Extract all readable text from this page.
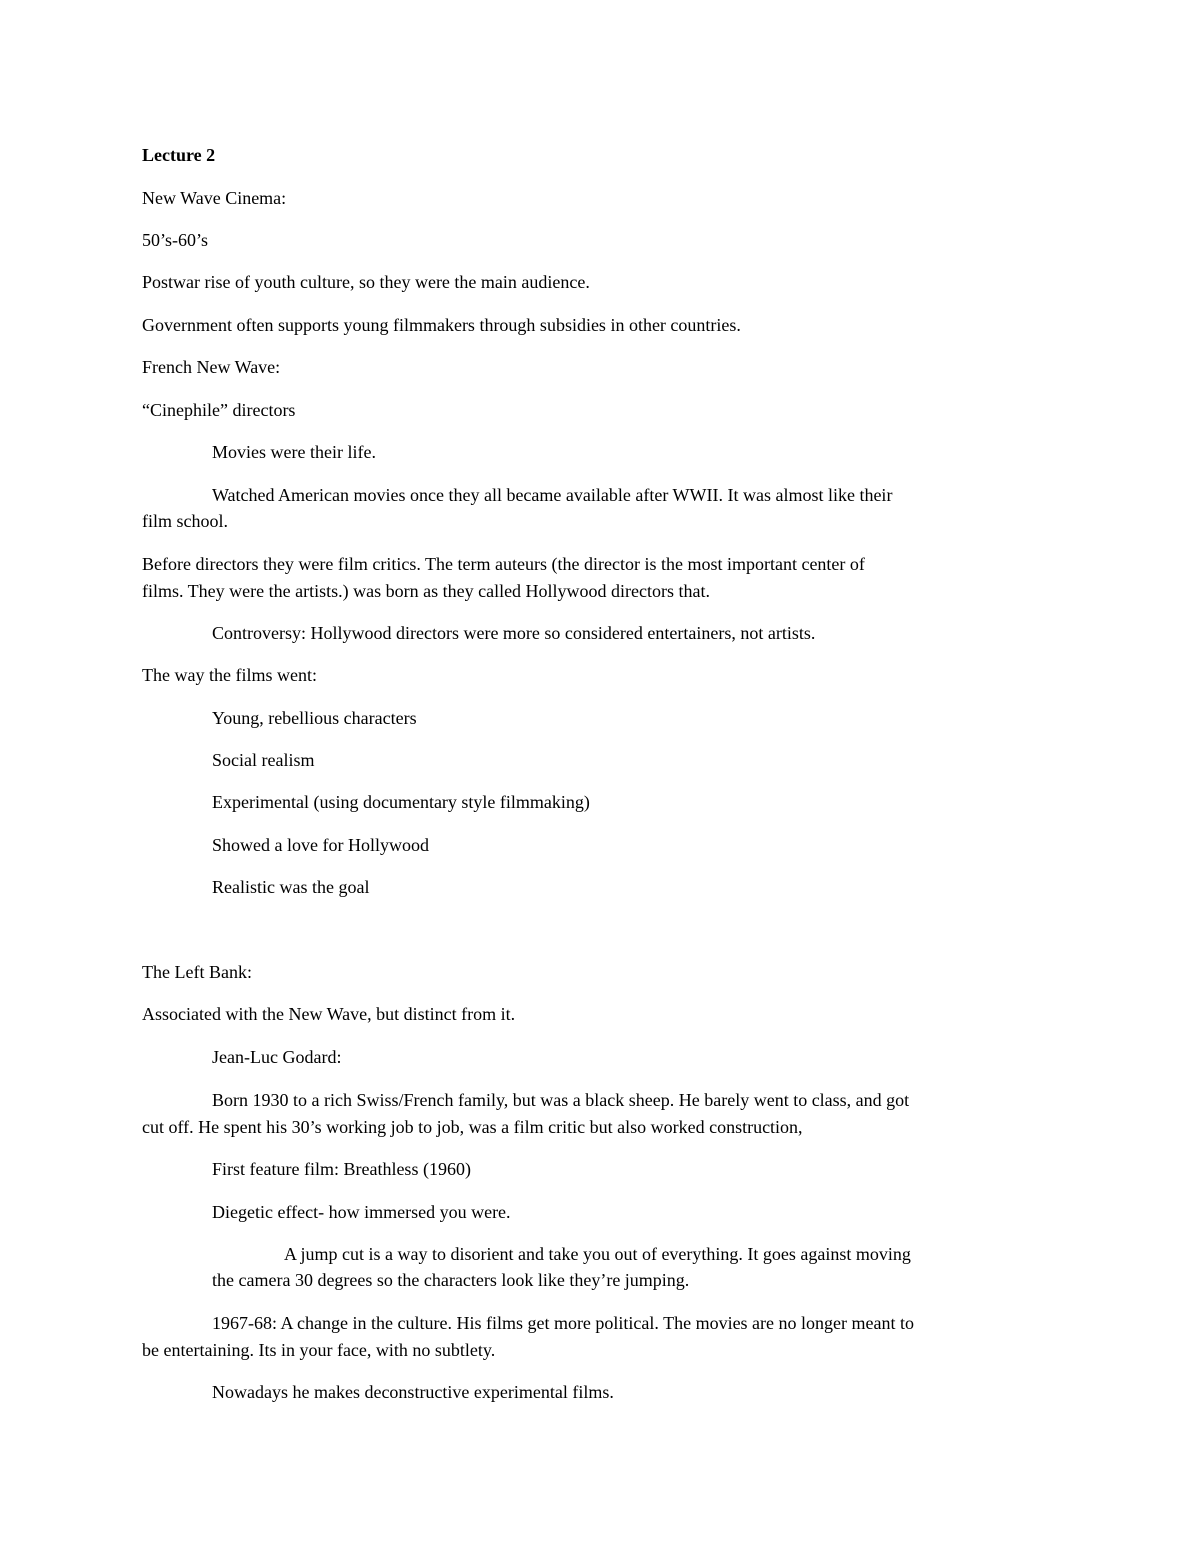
Lecture 2
New Wave Cinema:
50’s-60’s
Postwar rise of youth culture, so they were the main audience.
Government often supports young filmmakers through subsidies in other countries.
French New Wave:
“Cinephile” directors
Movies were their life.
Watched American movies once they all became available after WWII. It was almost like their
film school.
Before directors they were film critics. The term auteurs (the director is the most important center of
films. They were the artists.) was born as they called Hollywood directors that.
Controversy: Hollywood directors were more so considered entertainers, not artists.
The way the films went:
Young, rebellious characters
Social realism
Experimental (using documentary style filmmaking)
Showed a love for Hollywood
Realistic was the goal
The Left Bank:
Associated with the New Wave, but distinct from it.
Jean-Luc Godard:
Born 1930 to a rich Swiss/French family, but was a black sheep. He barely went to class, and got
cut off. He spent his 30’s working job to job, was a film critic but also worked construction,
First feature film: Breathless (1960)
Diegetic effect- how immersed you were.
A jump cut is a way to disorient and take you out of everything. It goes against moving
the camera 30 degrees so the characters look like they’re jumping.
1967-68: A change in the culture. His films get more political. The movies are no longer meant to
be entertaining. Its in your face, with no subtlety.
Nowadays he makes deconstructive experimental films.
